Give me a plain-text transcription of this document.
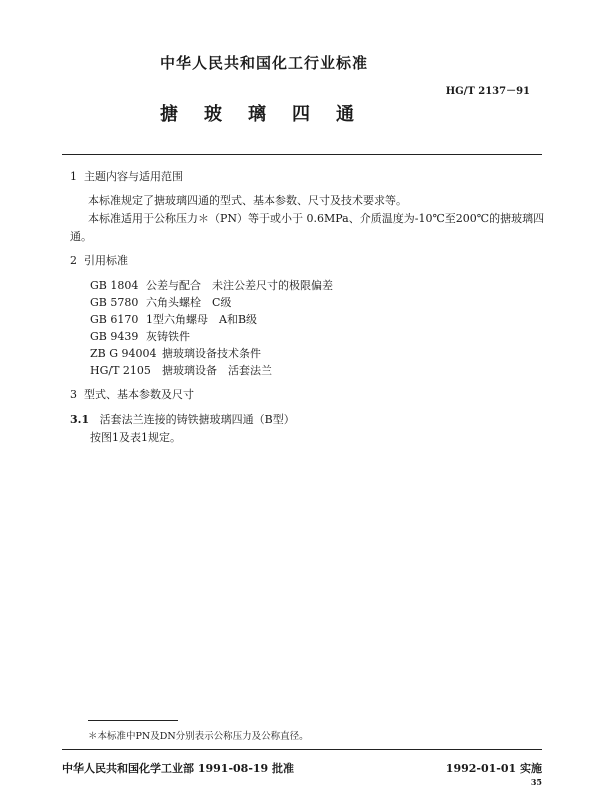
中华人民共和国化工行业标准
HG/T 2137－91
搪玻璃四通
1 主题内容与适用范围
本标准规定了搪玻璃四通的型式、基本参数、尺寸及技术要求等。
本标准适用于公称压力＊（PN）等于或小于 0.6MPa、介质温度为-10℃至200℃的搪玻璃四
通。
2 引用标准
GB 1804 公差与配合　未注公差尺寸的极限偏差
GB 5780 六角头螺栓　C级
GB 6170 1型六角螺母　A和B级
GB 9439 灰铸铁件
ZB G 94004 搪玻璃设备技术条件
HG/T 2105 搪玻璃设备　活套法兰
3 型式、基本参数及尺寸
3.1 活套法兰连接的铸铁搪玻璃四通（B型）
按图1及表1规定。
＊本标准中PN及DN分别表示公称压力及公称直径。
中华人民共和国化学工业部 1991-08-19 批准	1992-01-01 实施
35
